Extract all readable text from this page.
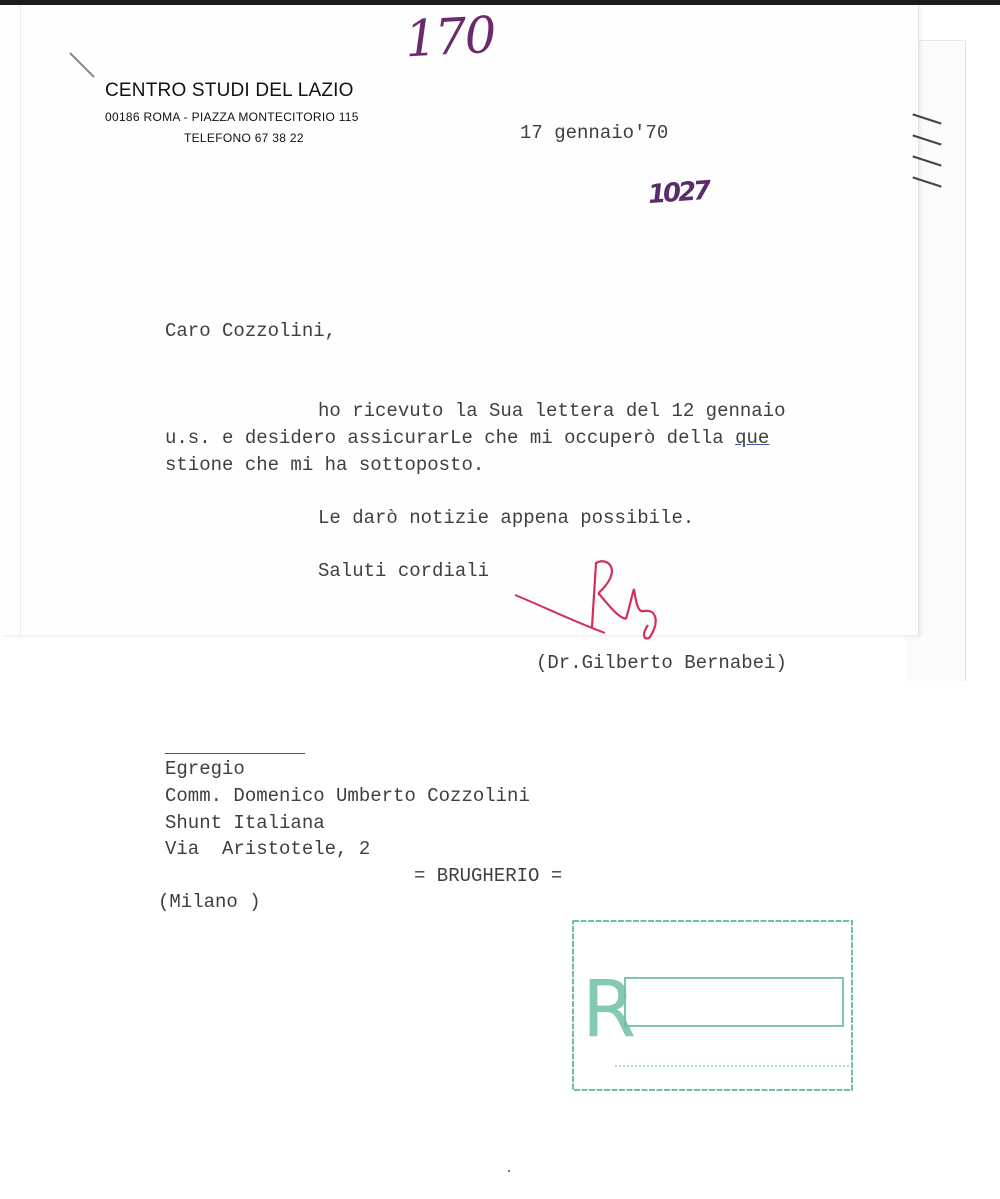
CENTRO STUDI DEL LAZIO

00186 ROMA - PIAZZA MONTECITORIO 115

TELEFONO 67 38 22

170
1027

17 gennaio'70

Caro Cozzolini,

ho ricevuto la Sua lettera del 12 gennaio

u.s. e desidero assicurarLe che mi occuperò della que

stione che mi ha sottoposto.

Le darò notizie appena possibile.

Saluti cordiali

(Dr.Gilberto Bernabei)

Egregio

Comm. Domenico Umberto Cozzolini

Shunt Italiana

Via  Aristotele, 2

= BRUGHERIO =

(Milano )

R
